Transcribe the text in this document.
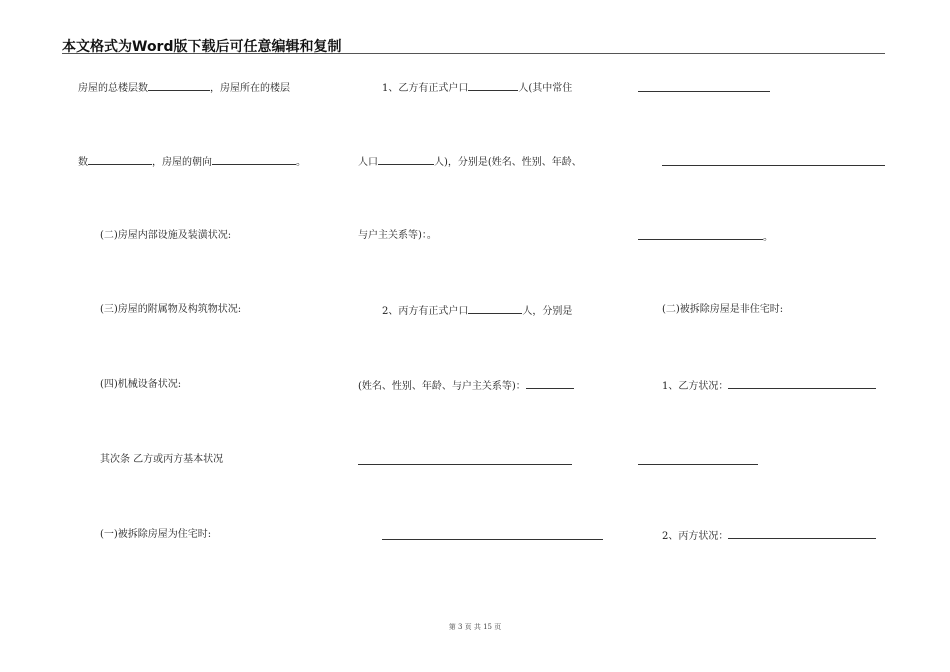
本文格式为Word版下载后可任意编辑和复制
房屋的总楼层数	，房屋所在的楼层
数	，房屋的朝向	。
(二)房屋内部设施及装潢状况:
(三)房屋的附属物及构筑物状况:
(四)机械设备状况:
其次条 乙方或丙方基本状况
(一)被拆除房屋为住宅时:
1、乙方有正式户口	人(其中常住
人口	人)，分别是(姓名、性别、年龄、
与户主关系等)：。
2、丙方有正式户口	人，分别是
(姓名、性别、年龄、与户主关系等)：
。
(二)被拆除房屋是非住宅时:
1、乙方状况：
2、丙方状况：
第 3 页 共 15 页
